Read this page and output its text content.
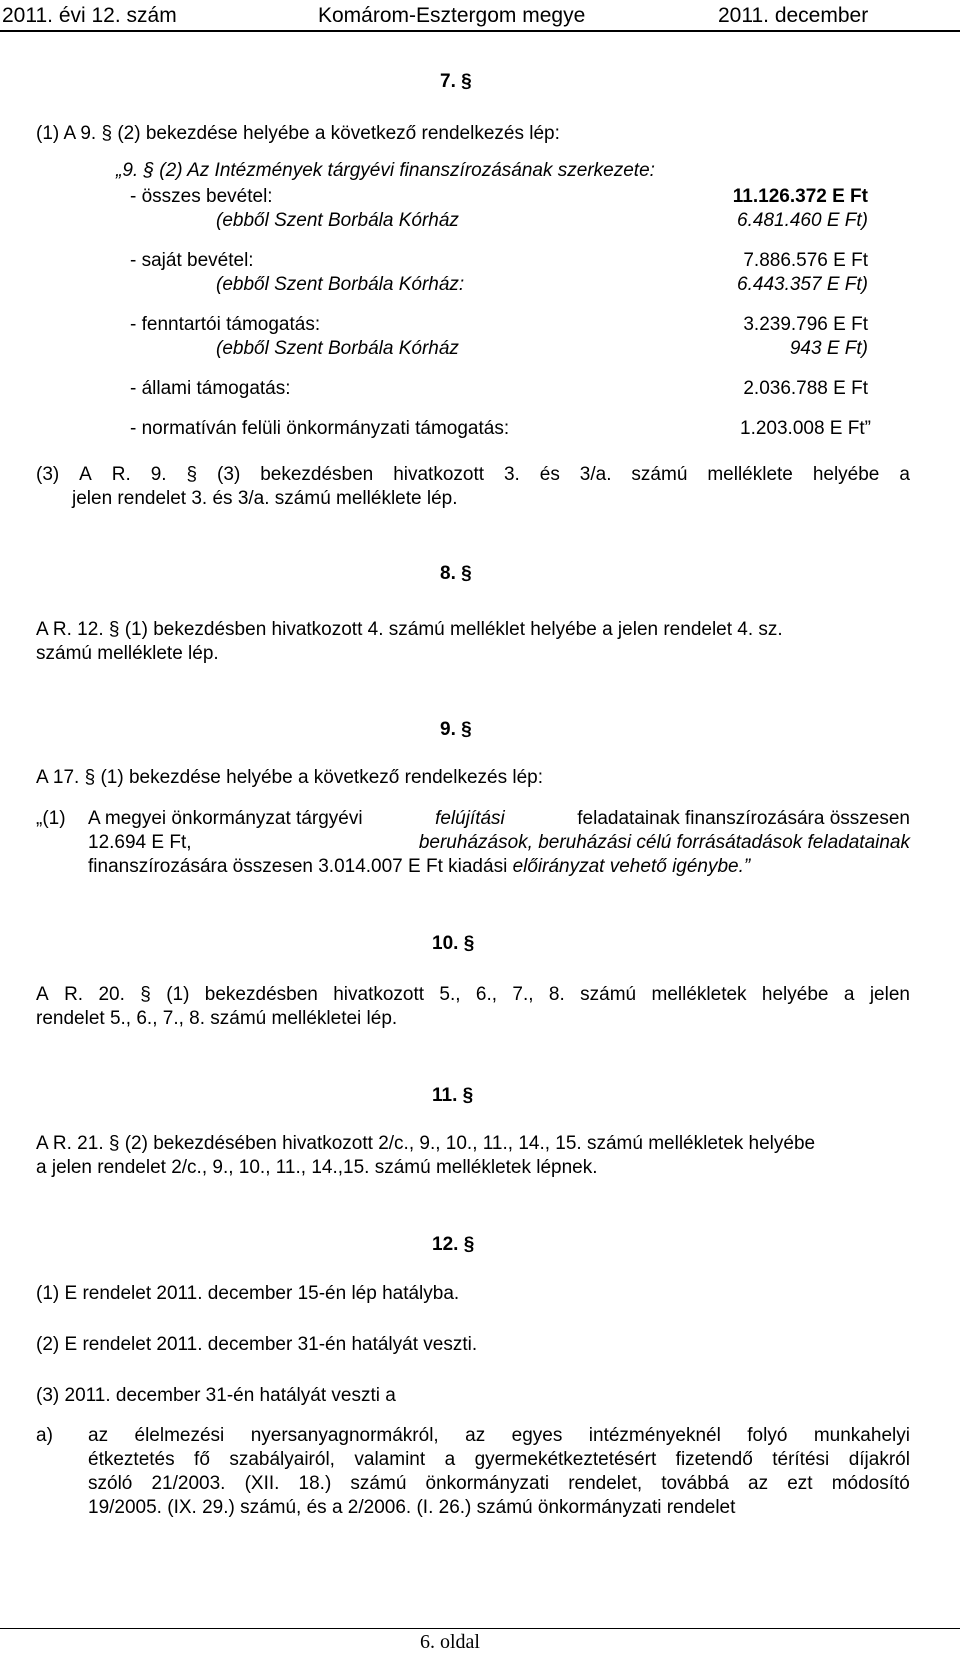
2011. évi 12. szám	Komárom-Esztergom megye	2011. december
7. §
(1) A 9. § (2) bekezdése helyébe a következő rendelkezés lép:
„9. § (2) Az Intézmények tárgyévi finanszírozásának szerkezete:
- összes bevétel:	11.126.372 E Ft
(ebből Szent Borbála Kórház	6.481.460 E Ft)
- saját bevétel:	7.886.576 E Ft
(ebből Szent Borbála Kórház:	6.443.357 E Ft)
- fenntartói támogatás:	3.239.796 E Ft
(ebből Szent Borbála Kórház	943 E Ft)
- állami támogatás:	2.036.788 E Ft
- normatíván felüli önkormányzati támogatás:	1.203.008 E Ft”
(3) A R. 9. § (3) bekezdésben hivatkozott 3. és 3/a. számú melléklete helyébe a
jelen rendelet 3. és 3/a. számú melléklete lép.
8. §
A R. 12. § (1) bekezdésben hivatkozott 4. számú melléklet helyébe a jelen rendelet 4. sz.
számú melléklete lép.
9. §
A 17. § (1) bekezdése helyébe a következő rendelkezés lép:
„(1) A megyei önkormányzat tárgyévi	felújítási	feladatainak finanszírozására összesen
12.694 E Ft,	beruházások, beruházási célú forrásátadások feladatainak
finanszírozására összesen 3.014.007 E Ft kiadási előirányzat vehető igénybe.”
10. §
A R. 20. § (1) bekezdésben hivatkozott 5., 6., 7., 8. számú mellékletek helyébe a jelen
rendelet 5., 6., 7., 8. számú mellékletei lép.
11. §
A R. 21. § (2) bekezdésében hivatkozott 2/c., 9., 10., 11., 14., 15. számú mellékletek helyébe
a jelen rendelet 2/c., 9., 10., 11., 14.,15. számú mellékletek lépnek.
12. §
(1) E rendelet 2011. december 15-én lép hatályba.
(2) E rendelet 2011. december 31-én hatályát veszti.
(3) 2011. december 31-én hatályát veszti a
a) az élelmezési nyersanyagnormákról, az egyes intézményeknél folyó munkahelyi
étkeztetés fő szabályairól, valamint a gyermekétkeztetésért fizetendő térítési díjakról
szóló 21/2003. (XII. 18.) számú önkormányzati rendelet, továbbá az ezt módosító
19/2005. (IX. 29.) számú, és a 2/2006. (I. 26.) számú önkormányzati rendelet
6. oldal
